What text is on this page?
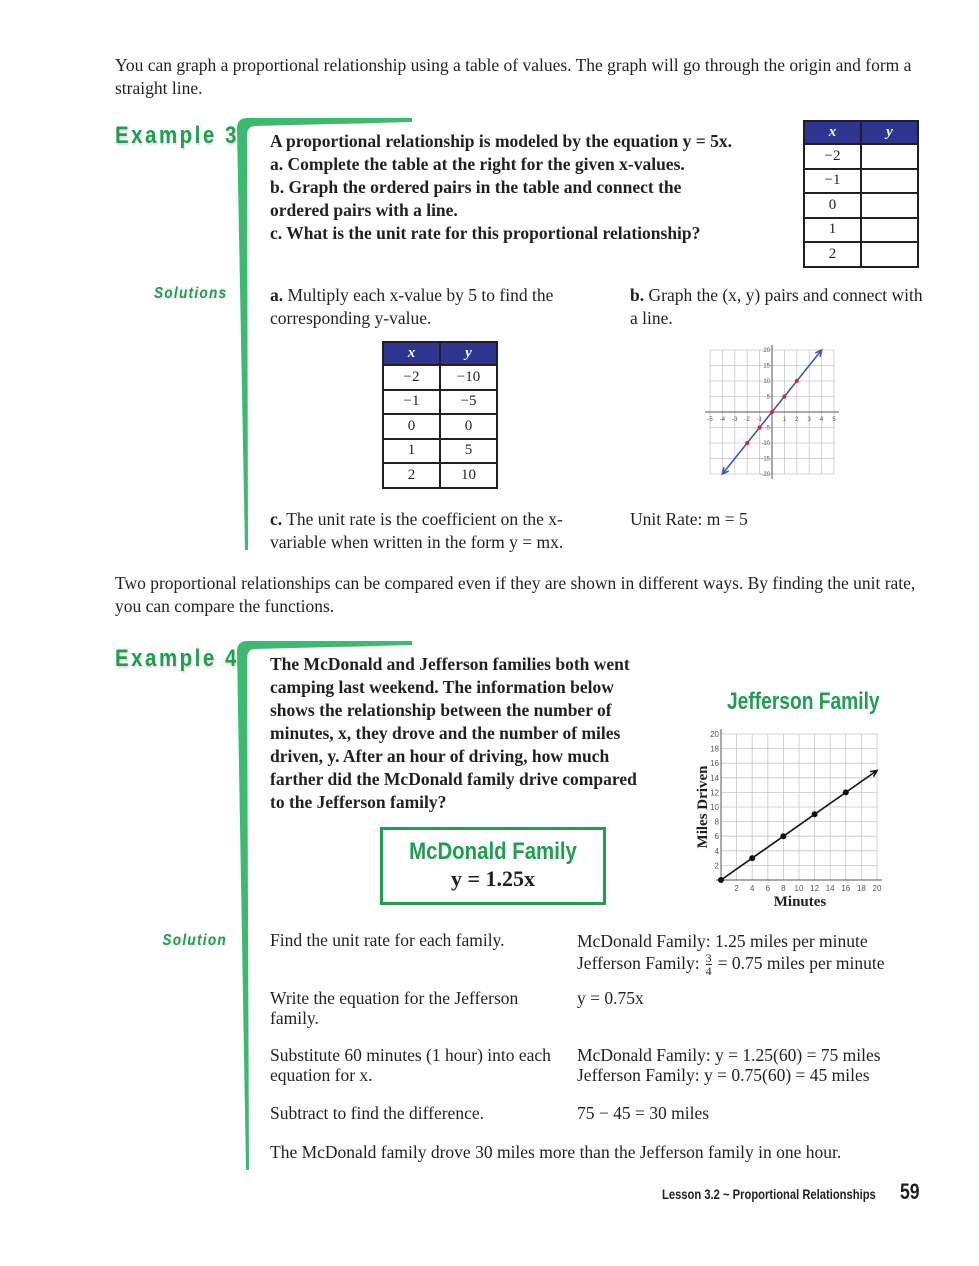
You can graph a proportional relationship using a table of values. The graph will go through the origin and form a straight line.
Example 3 A proportional relationship is modeled by the equation y = 5x.
a. Complete the table at the right for the given x-values.
b. Graph the ordered pairs in the table and connect the
ordered pairs with a line.
c. What is the unit rate for this proportional relationship?
x	y
−2	
−1	
0	
1	
2	
Solutions a. Multiply each x-value by 5 to find the corresponding y-value.
x	y
−2	−10
−1	−5
0	0
1	5
2	10
b. Graph the (x, y) pairs and connect with a line.
-5 -4 -3 -2 -1	1 2 3 4 5
-20
-15
-10
-5
5
10
15
20
c. The unit rate is the coefficient on the x-variable when written in the form y = mx.
Unit Rate: m = 5
Two proportional relationships can be compared even if they are shown in different ways. By finding the unit rate, you can compare the functions.
Example 4 The McDonald and Jefferson families both went
camping last weekend. The information below
shows the relationship between the number of
minutes, x, they drove and the number of miles
driven, y. After an hour of driving, how much
farther did the McDonald family drive compared
to the Jefferson family?
McDonald Family
y = 1.25x
Jefferson Family
2 4 6 8 10 12 14 16 18 20
2
4
6
8
10
12
14
16
18
20
Minutes
Miles Driven
Solution Find the unit rate for each family.	McDonald Family: 1.25 miles per minute
Jefferson Family: $\frac{3}{4} = 0.75$ miles per minute
Write the equation for the Jefferson family.
y = 0.75x
Substitute 60 minutes (1 hour) into each equation for x.
McDonald Family: y = 1.25(60) = 75 miles
Jefferson Family: y = 0.75(60) = 45 miles
Subtract to find the difference.	75 − 45 = 30 miles
The McDonald family drove 30 miles more than the Jefferson family in one hour.
Lesson 3.2 ~ Proportional Relationships 59
